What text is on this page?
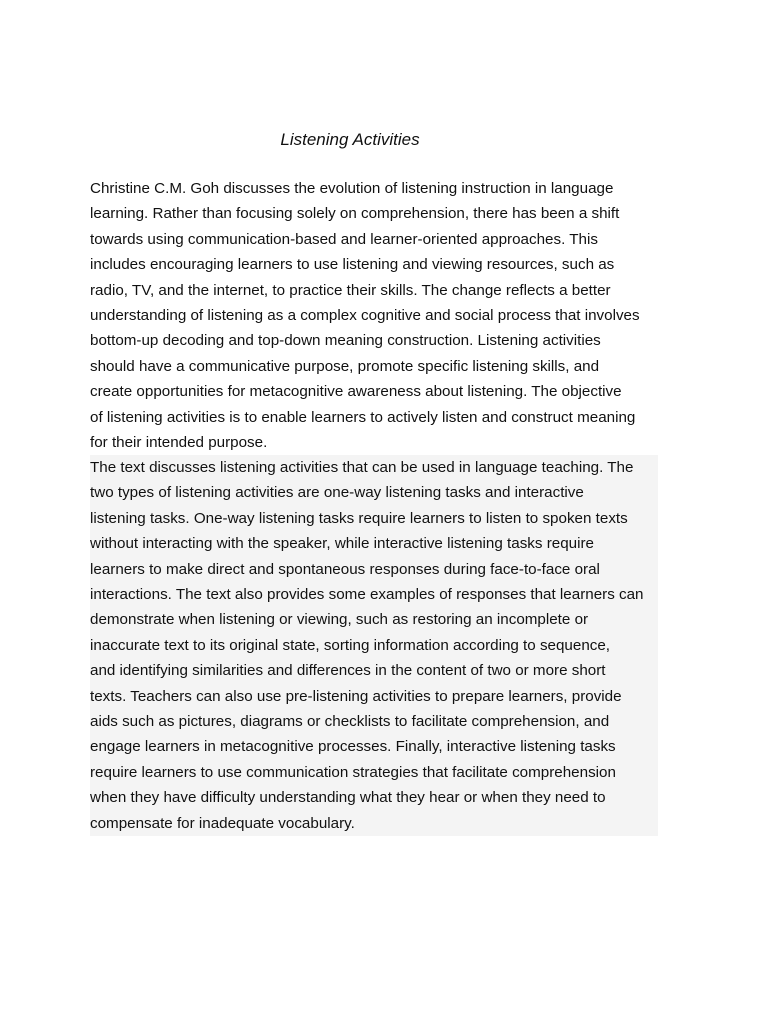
Listening Activities

Christine C.M. Goh discusses the evolution of listening instruction in language
learning. Rather than focusing solely on comprehension, there has been a shift
towards using communication-based and learner-oriented approaches. This
includes encouraging learners to use listening and viewing resources, such as
radio, TV, and the internet, to practice their skills. The change reflects a better
understanding of listening as a complex cognitive and social process that involves
bottom-up decoding and top-down meaning construction. Listening activities
should have a communicative purpose, promote specific listening skills, and
create opportunities for metacognitive awareness about listening. The objective
of listening activities is to enable learners to actively listen and construct meaning
for their intended purpose.

The text discusses listening activities that can be used in language teaching. The
two types of listening activities are one-way listening tasks and interactive
listening tasks. One-way listening tasks require learners to listen to spoken texts
without interacting with the speaker, while interactive listening tasks require
learners to make direct and spontaneous responses during face-to-face oral
interactions. The text also provides some examples of responses that learners can
demonstrate when listening or viewing, such as restoring an incomplete or
inaccurate text to its original state, sorting information according to sequence,
and identifying similarities and differences in the content of two or more short
texts. Teachers can also use pre-listening activities to prepare learners, provide
aids such as pictures, diagrams or checklists to facilitate comprehension, and
engage learners in metacognitive processes. Finally, interactive listening tasks
require learners to use communication strategies that facilitate comprehension
when they have difficulty understanding what they hear or when they need to
compensate for inadequate vocabulary.
